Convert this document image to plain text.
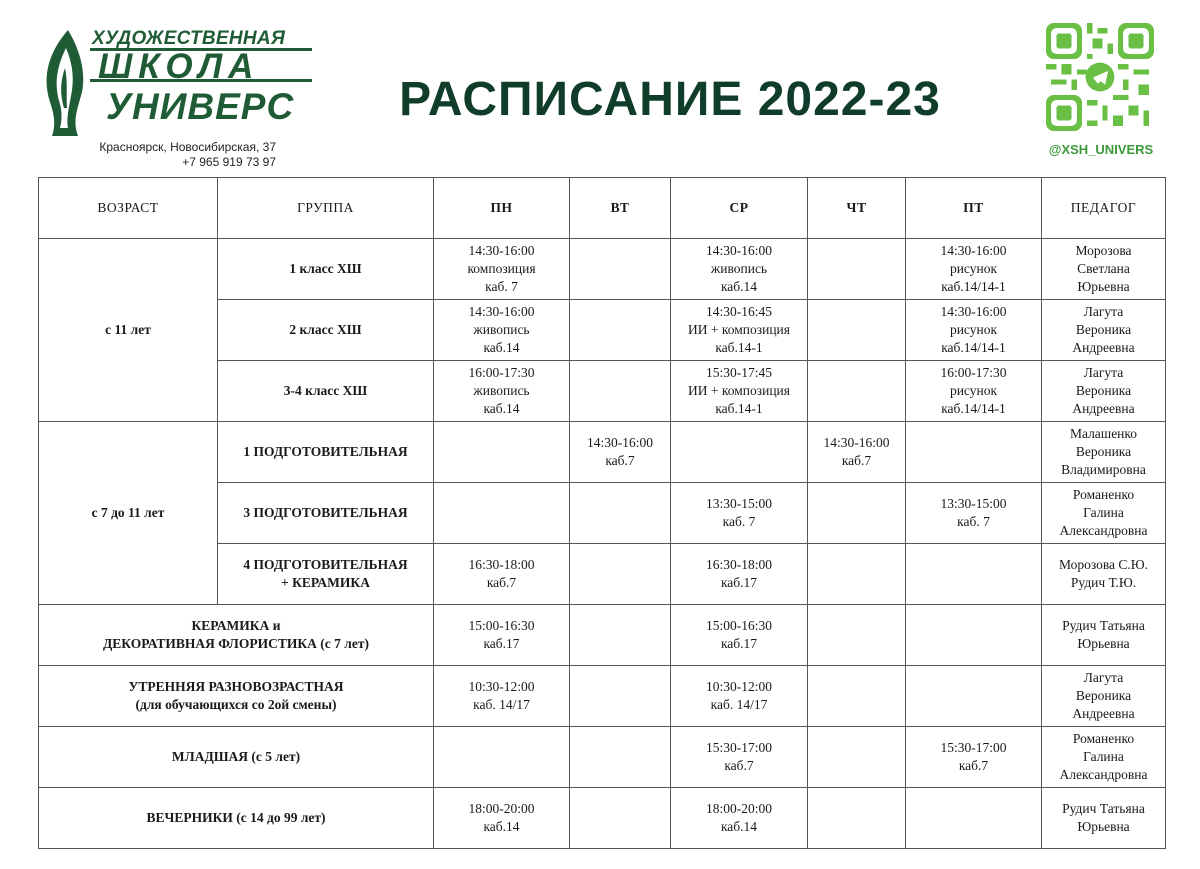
ХУДОЖЕСТВЕННАЯ
ШКОЛА
УНИВЕРС
Красноярск, Новосибирская, 37
+7 965 919 73 97
РАСПИСАНИЕ 2022-23
@XSH_UNIVERS
ВОЗРАСТ	ГРУППА	ПН	ВТ	СР	ЧТ	ПТ	ПЕДАГОГ
с 11 лет	1 класс ХШ	14:30-16:00
композиция
каб. 7		14:30-16:00
живопись
каб.14		14:30-16:00
рисунок
каб.14/14-1	Морозова
Светлана
Юрьевна

	2 класс ХШ	14:30-16:00
живопись
каб.14		14:30-16:45
ИИ + композиция
каб.14-1		14:30-16:00
рисунок
каб.14/14-1	Лагута
Вероника
Андреевна

	3-4 класс ХШ	16:00-17:30
живопись
каб.14		15:30-17:45
ИИ + композиция
каб.14-1		16:00-17:30
рисунок
каб.14/14-1	Лагута
Вероника
Андреевна

с 7 до 11 лет	1 ПОДГОТОВИТЕЛЬНАЯ		14:30-16:00
каб.7		14:30-16:00
каб.7		Малашенко
Вероника
Владимировна

	3 ПОДГОТОВИТЕЛЬНАЯ			13:30-15:00
каб. 7		13:30-15:00
каб. 7	Романенко
Галина
Александровна

	4 ПОДГОТОВИТЕЛЬНАЯ
+ КЕРАМИКА	16:30-18:00
каб.7		16:30-18:00
каб.17			Морозова С.Ю.
Рудич Т.Ю.

КЕРАМИКА и
ДЕКОРАТИВНАЯ ФЛОРИСТИКА (с 7 лет)		15:00-16:30
каб.17		15:00-16:30
каб.17			Рудич Татьяна
Юрьевна

УТРЕННЯЯ РАЗНОВОЗРАСТНАЯ
(для обучающихся со 2ой смены)		10:30-12:00
каб. 14/17		10:30-12:00
каб. 14/17			Лагута
Вероника
Андреевна

МЛАДШАЯ (с 5 лет)				15:30-17:00
каб.7		15:30-17:00
каб.7	Романенко
Галина
Александровна

ВЕЧЕРНИКИ (с 14 до 99 лет)		18:00-20:00
каб.14		18:00-20:00
каб.14			Рудич Татьяна
Юрьевна
